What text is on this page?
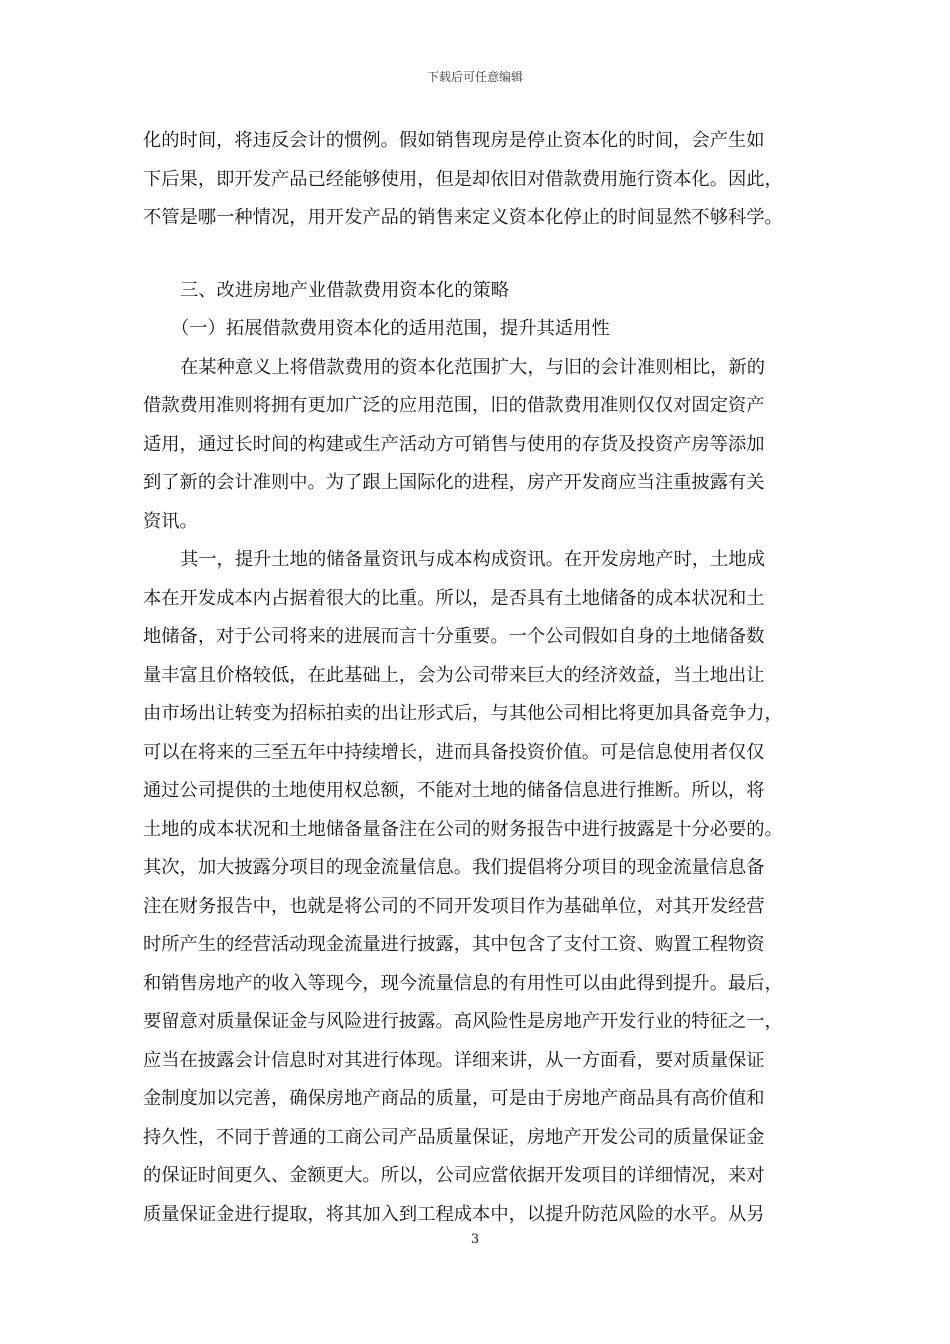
下载后可任意编辑
化的时间，将违反会计的惯例。假如销售现房是停止资本化的时间，会产生如
下后果，即开发产品已经能够使用，但是却依旧对借款费用施行资本化。因此，
不管是哪一种情况，用开发产品的销售来定义资本化停止的时间显然不够科学。
三、改进房地产业借款费用资本化的策略
（一）拓展借款费用资本化的适用范围，提升其适用性
在某种意义上将借款费用的资本化范围扩大，与旧的会计准则相比，新的
借款费用准则将拥有更加广泛的应用范围，旧的借款费用准则仅仅对固定资产
适用，通过长时间的构建或生产活动方可销售与使用的存货及投资产房等添加
到了新的会计准则中。为了跟上国际化的进程，房产开发商应当注重披露有关
资讯。
其一，提升土地的储备量资讯与成本构成资讯。在开发房地产时，土地成
本在开发成本内占据着很大的比重。所以，是否具有土地储备的成本状况和土
地储备，对于公司将来的进展而言十分重要。一个公司假如自身的土地储备数
量丰富且价格较低，在此基础上，会为公司带来巨大的经济效益，当土地出让
由市场出让转变为招标拍卖的出让形式后，与其他公司相比将更加具备竞争力，
可以在将来的三至五年中持续增长，进而具备投资价值。可是信息使用者仅仅
通过公司提供的土地使用权总额，不能对土地的储备信息进行推断。所以，将
土地的成本状况和土地储备量备注在公司的财务报告中进行披露是十分必要的。
其次，加大披露分项目的现金流量信息。我们提倡将分项目的现金流量信息备
注在财务报告中，也就是将公司的不同开发项目作为基础单位，对其开发经营
时所产生的经营活动现金流量进行披露，其中包含了支付工资、购置工程物资
和销售房地产的收入等现今，现今流量信息的有用性可以由此得到提升。最后，
要留意对质量保证金与风险进行披露。高风险性是房地产开发行业的特征之一，
应当在披露会计信息时对其进行体现。详细来讲，从一方面看，要对质量保证
金制度加以完善，确保房地产商品的质量，可是由于房地产商品具有高价值和
持久性，不同于普通的工商公司产品质量保证，房地产开发公司的质量保证金
的保证时间更久、金额更大。所以，公司应當依据开发项目的详细情况，来对
质量保证金进行提取，将其加入到工程成本中，以提升防范风险的水平。从另
3
